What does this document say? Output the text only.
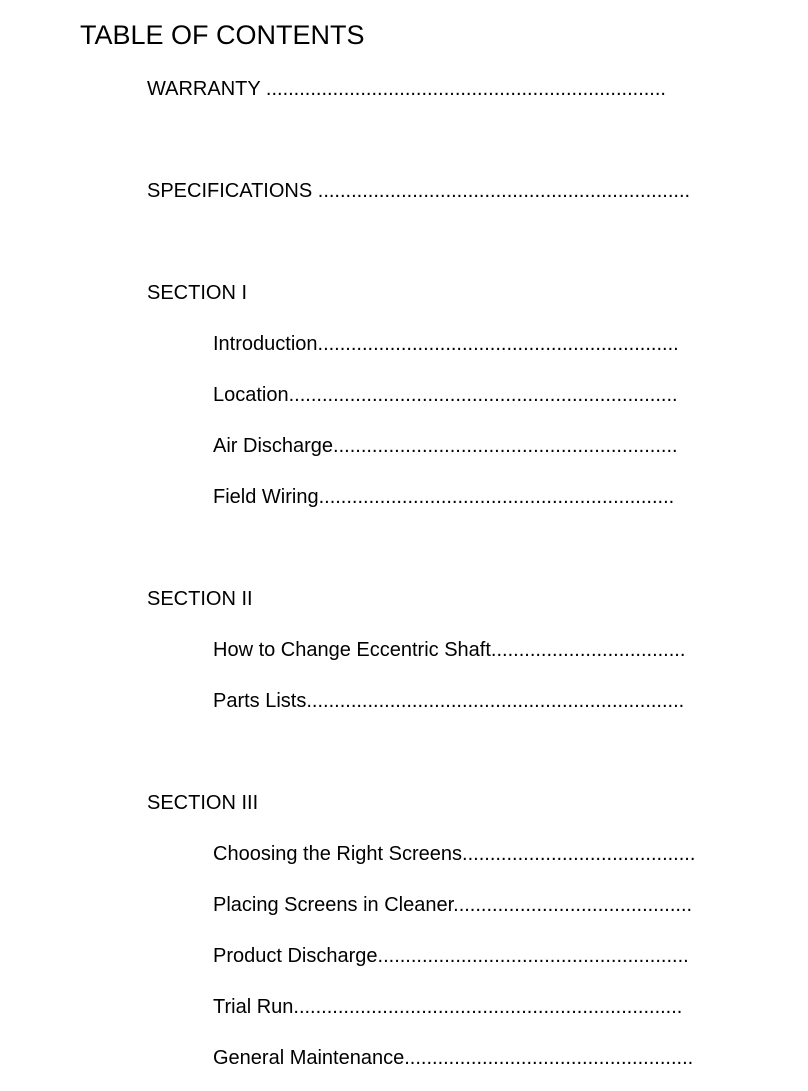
TABLE OF CONTENTS
WARRANTY ........................................................................
SPECIFICATIONS ...................................................................
SECTION I
Introduction.................................................................
Location......................................................................
Air Discharge..............................................................
Field Wiring................................................................
SECTION II
How to Change Eccentric Shaft...................................
Parts Lists....................................................................
SECTION III
Choosing the Right Screens..........................................
Placing Screens in Cleaner...........................................
Product Discharge........................................................
Trial Run......................................................................
General Maintenance....................................................
